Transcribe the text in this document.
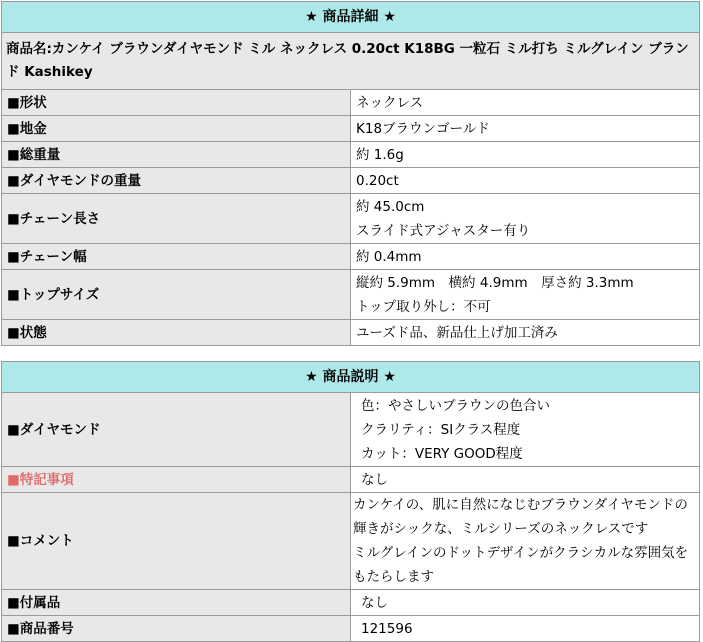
★ 商品詳細 ★	
商品名:カンケイ ブラウンダイヤモンド ミル ネックレス 0.20ct K18BG 一粒石 ミル打ち ミルグレイン ブランド Kashikey	
■形状	ネックレス
■地金	K18ブラウンゴールド
■総重量	約 1.6g
■ダイヤモンドの重量	0.20ct
■チェーン長さ	約 45.0cm
スライド式アジャスター有り

■チェーン幅	約 0.4mm
■トップサイズ	縦約 5.9mm　横約 4.9mm　厚さ約 3.3mm
トップ取り外し：不可

■状態	ユーズド品、新品仕上げ加工済み
★ 商品説明 ★	
■ダイヤモンド	色：やさしいブラウンの色合い
クラリティ：SIクラス程度
カット：VERY GOOD程度

■特記事項	なし
■コメント	カンケイの、肌に自然になじむブラウンダイヤモンドの輝きがシックな、ミルシリーズのネックレスです
ミルグレインのドットデザインがクラシカルな雰囲気をもたらします

■付属品	なし
■商品番号	121596
